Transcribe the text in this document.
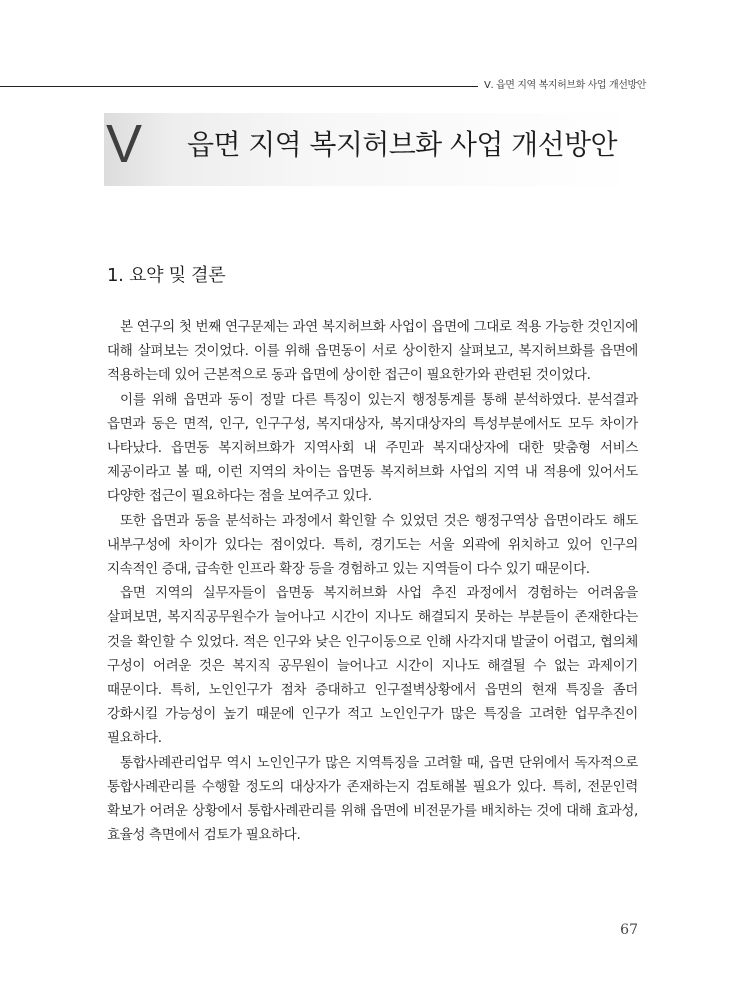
Ⅴ. 읍면 지역 복지허브화 사업 개선방안
V 읍면 지역 복지허브화 사업 개선방안
1. 요약 및 결론

본 연구의 첫 번째 연구문제는 과연 복지허브화 사업이 읍면에 그대로 적용 가능한 것인지에 대해 살펴보는 것이었다. 이를 위해 읍면동이 서로 상이한지 살펴보고, 복지허브화를 읍면에 적용하는데 있어 근본적으로 동과 읍면에 상이한 접근이 필요한가와 관련된 것이었다.

이를 위해 읍면과 동이 정말 다른 특징이 있는지 행정통계를 통해 분석하였다. 분석결과 읍면과 동은 면적, 인구, 인구구성, 복지대상자, 복지대상자의 특성부분에서도 모두 차이가 나타났다. 읍면동 복지허브화가 지역사회 내 주민과 복지대상자에 대한 맞춤형 서비스 제공이라고 볼 때, 이런 지역의 차이는 읍면동 복지허브화 사업의 지역 내 적용에 있어서도 다양한 접근이 필요하다는 점을 보여주고 있다.

또한 읍면과 동을 분석하는 과정에서 확인할 수 있었던 것은 행정구역상 읍면이라도 해도 내부구성에 차이가 있다는 점이었다. 특히, 경기도는 서울 외곽에 위치하고 있어 인구의 지속적인 증대, 급속한 인프라 확장 등을 경험하고 있는 지역들이 다수 있기 때문이다.

읍면 지역의 실무자들이 읍면동 복지허브화 사업 추진 과정에서 경험하는 어려움을 살펴보면, 복지직공무원수가 늘어나고 시간이 지나도 해결되지 못하는 부분들이 존재한다는 것을 확인할 수 있었다. 적은 인구와 낮은 인구이동으로 인해 사각지대 발굴이 어렵고, 협의체 구성이 어려운 것은 복지직 공무원이 늘어나고 시간이 지나도 해결될 수 없는 과제이기 때문이다. 특히, 노인인구가 점차 증대하고 인구절벽상황에서 읍면의 현재 특징을 좀더 강화시킬 가능성이 높기 때문에 인구가 적고 노인인구가 많은 특징을 고려한 업무추진이 필요하다.

통합사례관리업무 역시 노인인구가 많은 지역특징을 고려할 때, 읍면 단위에서 독자적으로 통합사례관리를 수행할 정도의 대상자가 존재하는지 검토해볼 필요가 있다. 특히, 전문인력 확보가 어려운 상황에서 통합사례관리를 위해 읍면에 비전문가를 배치하는 것에 대해 효과성, 효율성 측면에서 검토가 필요하다.

67
